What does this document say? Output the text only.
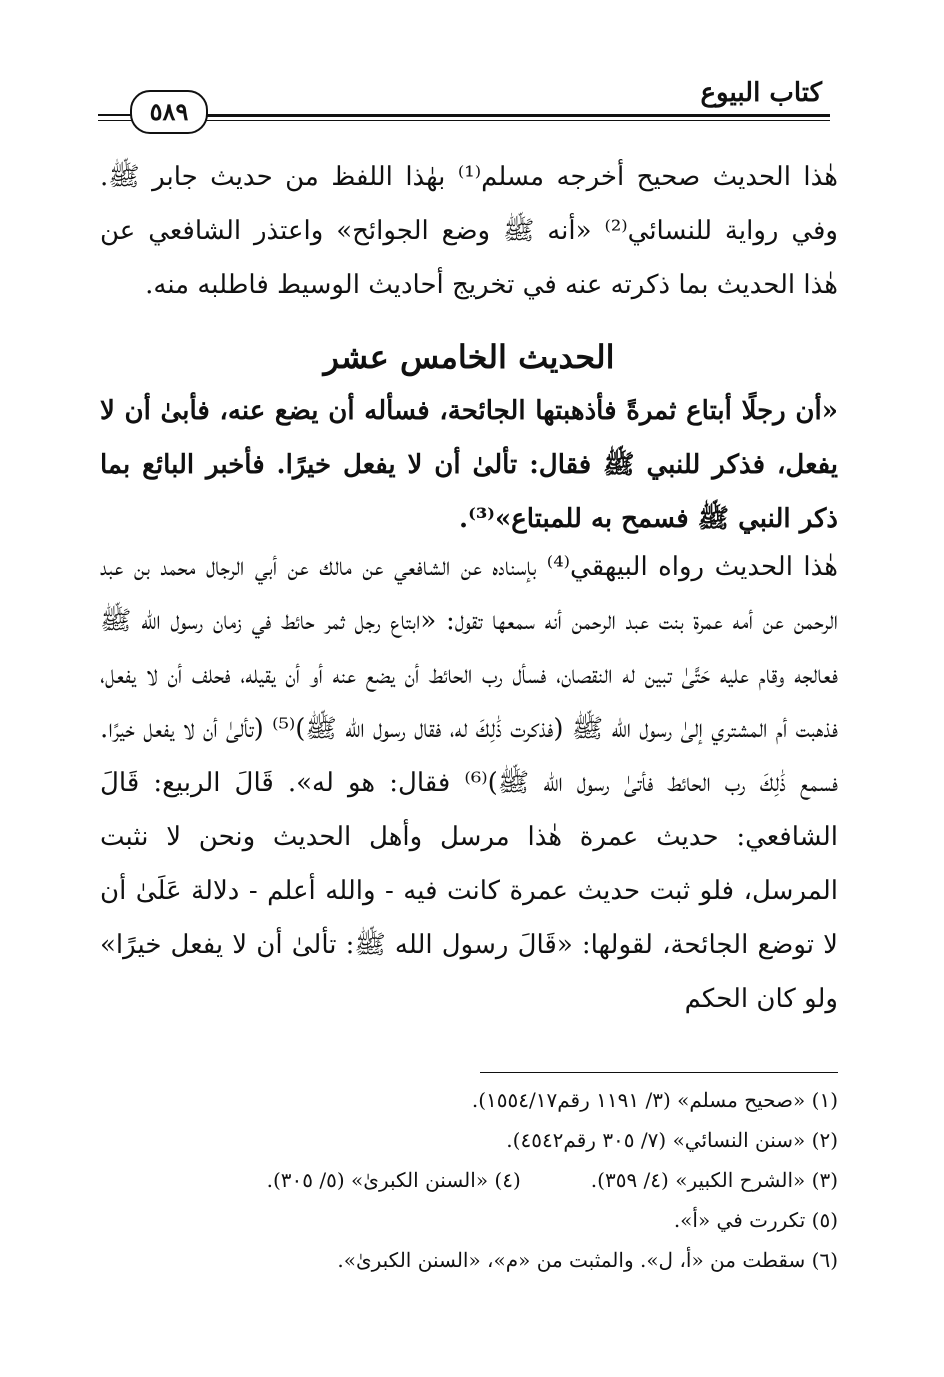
٥٨٩
كتاب البيوع

هٰذا الحديث صحيح أخرجه مسلم⁽¹⁾ بهٰذا اللفظ من حديث جابر ﷺ. وفي رواية للنسائي⁽²⁾ «أنه ﷺ وضع الجوائح» واعتذر الشافعي عن هٰذا الحديث بما ذكرته عنه في تخريج أحاديث الوسيط فاطلبه منه.

الحديث الخامس عشر

«أن رجلًا أبتاع ثمرةً فأذهبتها الجائحة، فسأله أن يضع عنه، فأبىٰ أن لا يفعل، فذكر للنبي ﷺ فقال: تألىٰ أن لا يفعل خيرًا. فأخبر البائع بما ذكر النبي ﷺ فسمح به للمبتاع»⁽³⁾.

هٰذا الحديث رواه البيهقي⁽⁴⁾ بإسناده عن الشافعي عن مالك عن أبي الرجال محمد بن عبد الرحمن عن أمه عمرة بنت عبد الرحمن أنه سمعها تقول: «ابتاع رجل ثمر حائط في زمان رسول الله ﷺ فعالجه وقام عليه حَتَّىٰ تبين له النقصان، فسأل رب الحائط أن يضع عنه أو أن يقيله، فحلف أن لا يفعل، فذهبت أم المشتري إلىٰ رسول الله ﷺ (فذكرت ذَٰلِكَ له، فقال رسول الله ﷺ)⁽⁵⁾ (تألىٰ أن لا يفعل خيرًا. فسمع ذَٰلِكَ رب الحائط فأتىٰ رسول الله ﷺ)⁽⁶⁾ فقال: هو له». قَالَ الربيع: قَالَ الشافعي: حديث عمرة هٰذا مرسل وأهل الحديث ونحن لا نثبت المرسل، فلو ثبت حديث عمرة كانت فيه - والله أعلم - دلالة عَلَىٰ أن لا توضع الجائحة، لقولها: «قَالَ رسول الله ﷺ: تألىٰ أن لا يفعل خيرًا» ولو كان الحكم

(١) «صحيح مسلم» (٣/ ١١٩١ رقم١٥٥٤/١٧).
(٢) «سنن النسائي» (٧/ ٣٠٥ رقم٤٥٤٢).
(٣) «الشرح الكبير» (٤/ ٣٥٩).
(٤) «السنن الكبرىٰ» (٥/ ٣٠٥).
(٥) تكررت في «أ».
(٦) سقطت من «أ، ل». والمثبت من «م»، «السنن الكبرىٰ».
